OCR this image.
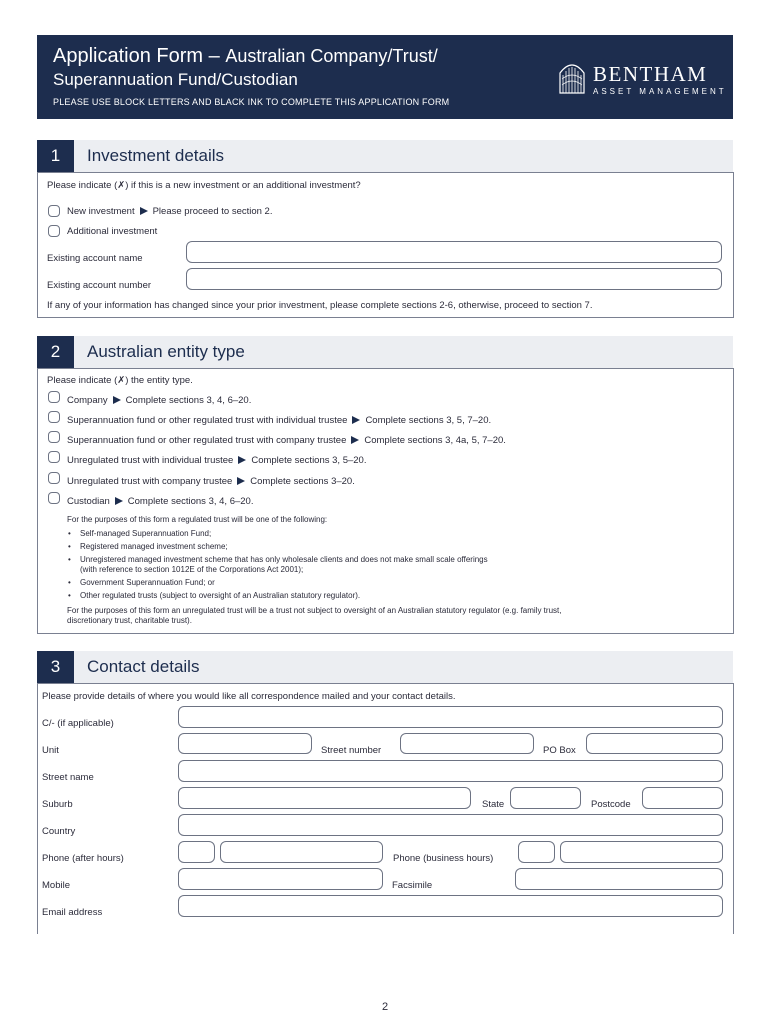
Application Form – Australian Company/Trust/
Superannuation Fund/Custodian
PLEASE USE BLOCK LETTERS AND BLACK INK TO COMPLETE THIS APPLICATION FORM
BENTHAM
ASSET MANAGEMENT
1	Investment details
Please indicate (✗) if this is a new investment or an additional investment?
New investment Please proceed to section 2.
Additional investment
Existing account name
Existing account number
If any of your information has changed since your prior investment, please complete sections 2-6, otherwise, proceed to section 7.
2	Australian entity type
Please indicate (✗) the entity type.
Company Complete sections 3, 4, 6–20.
Superannuation fund or other regulated trust with individual trustee Complete sections 3, 5, 7–20.
Superannuation fund or other regulated trust with company trustee Complete sections 3, 4a, 5, 7–20.
Unregulated trust with individual trustee Complete sections 3, 5–20.
Unregulated trust with company trustee Complete sections 3–20.
Custodian Complete sections 3, 4, 6–20.
For the purposes of this form a regulated trust will be one of the following:
• Self-managed Superannuation Fund;
• Registered managed investment scheme;
• Unregistered managed investment scheme that has only wholesale clients and does not make small scale offerings
(with reference to section 1012E of the Corporations Act 2001);
• Government Superannuation Fund; or
• Other regulated trusts (subject to oversight of an Australian statutory regulator).
For the purposes of this form an unregulated trust will be a trust not subject to oversight of an Australian statutory regulator (e.g. family trust,
discretionary trust, charitable trust).
3	Contact details
Please provide details of where you would like all correspondence mailed and your contact details.
C/- (if applicable)
Unit	Street number	PO Box
Street name
Suburb	State	Postcode
Country
Phone (after hours)	Phone (business hours)
Mobile	Facsimile
Email address
2
